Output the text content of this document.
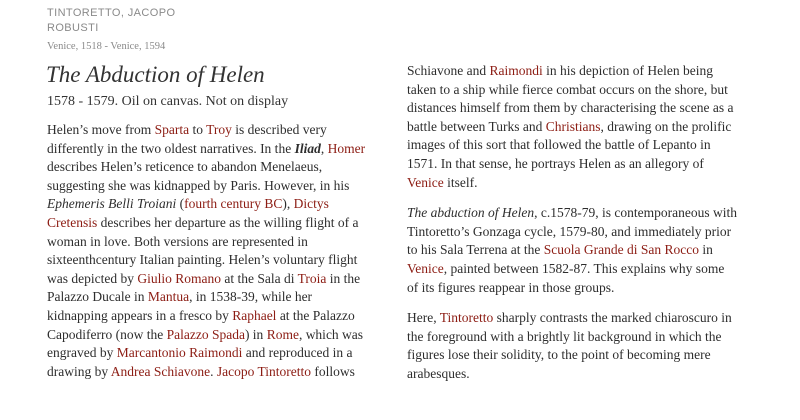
TINTORETTO, JACOPO ROBUSTI
Venice, 1518 - Venice, 1594
The Abduction of Helen
1578 - 1579. Oil on canvas. Not on display

Helen’s move from Sparta to Troy is described very differently in the two oldest narratives. In the Iliad, Homer describes Helen’s reticence to abandon Menelaeus, suggesting she was kidnapped by Paris. However, in his Ephemeris Belli Troiani (fourth century BC), Dictys Cretensis describes her departure as the willing flight of a woman in love. Both versions are represented in sixteenthcentury Italian painting. Helen’s voluntary flight was depicted by Giulio Romano at the Sala di Troia in the Palazzo Ducale in Mantua, in 1538-39, while her kidnapping appears in a fresco by Raphael at the Palazzo Capodiferro (now the Palazzo Spada) in Rome, which was engraved by Marcantonio Raimondi and reproduced in a drawing by Andrea Schiavone. Jacopo Tintoretto follows

Schiavone and Raimondi in his depiction of Helen being taken to a ship while fierce combat occurs on the shore, but distances himself from them by characterising the scene as a battle between Turks and Christians, drawing on the prolific images of this sort that followed the battle of Lepanto in 1571. In that sense, he portrays Helen as an allegory of Venice itself.

The abduction of Helen, c.1578-79, is contemporaneous with Tintoretto’s Gonzaga cycle, 1579-80, and immediately prior to his Sala Terrena at the Scuola Grande di San Rocco in Venice, painted between 1582-87. This explains why some of its figures reappear in those groups.

Here, Tintoretto sharply contrasts the marked chiaroscuro in the foreground with a brightly lit background in which the figures lose their solidity, to the point of becoming mere arabesques.
